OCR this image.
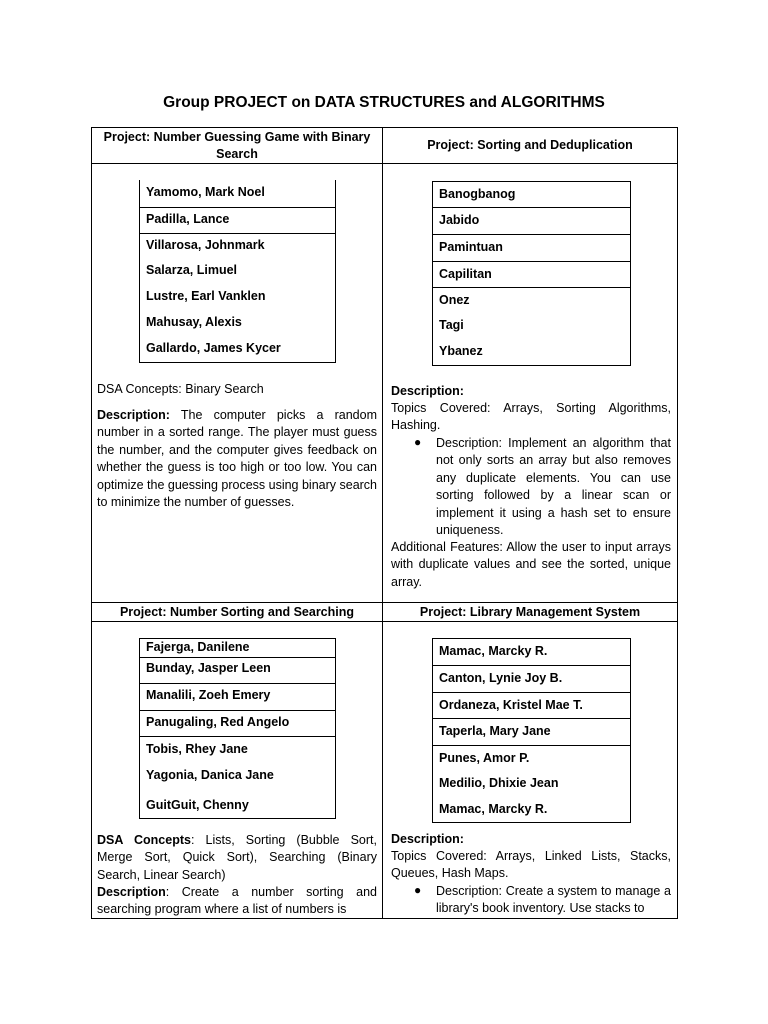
Group PROJECT on DATA STRUCTURES and ALGORITHMS
Project: Number Guessing Game with Binary Search
Project: Sorting and Deduplication
Project: Number Sorting and Searching	Project: Library Management System
Yamomo, Mark Noel
Padilla, Lance
Villarosa, Johnmark
Salarza, Limuel
Lustre, Earl Vanklen
Mahusay, Alexis
Gallardo, James Kycer
DSA Concepts: Binary Search
Description: The computer picks a random number in a sorted range. The player must guess the number, and the computer gives feedback on whether the guess is too high or too low. You can optimize the guessing process using binary search to minimize the number of guesses.
Banogbanog
Jabido
Pamintuan
Capilitan
Onez
Tagi
Ybanez
Description:
Topics Covered: Arrays, Sorting Algorithms, Hashing.
● Description: Implement an algorithm that not only sorts an array but also removes any duplicate elements. You can use sorting followed by a linear scan or implement it using a hash set to ensure uniqueness.
Additional Features: Allow the user to input arrays with duplicate values and see the sorted, unique array.
Fajerga, Danilene
Bunday, Jasper Leen
Manalili, Zoeh Emery
Panugaling, Red Angelo
Tobis, Rhey Jane
Yagonia, Danica Jane
GuitGuit, Chenny
DSA Concepts: Lists, Sorting (Bubble Sort, Merge Sort, Quick Sort), Searching (Binary Search, Linear Search)
Description: Create a number sorting and searching program where a list of numbers is
Mamac, Marcky R.
Canton, Lynie Joy B.
Ordaneza, Kristel Mae T.
Taperla, Mary Jane
Punes, Amor P.
Medilio, Dhixie Jean
Mamac, Marcky R.
Description:
Topics Covered: Arrays, Linked Lists, Stacks, Queues, Hash Maps.
● Description: Create a system to manage a library's book inventory. Use stacks to
